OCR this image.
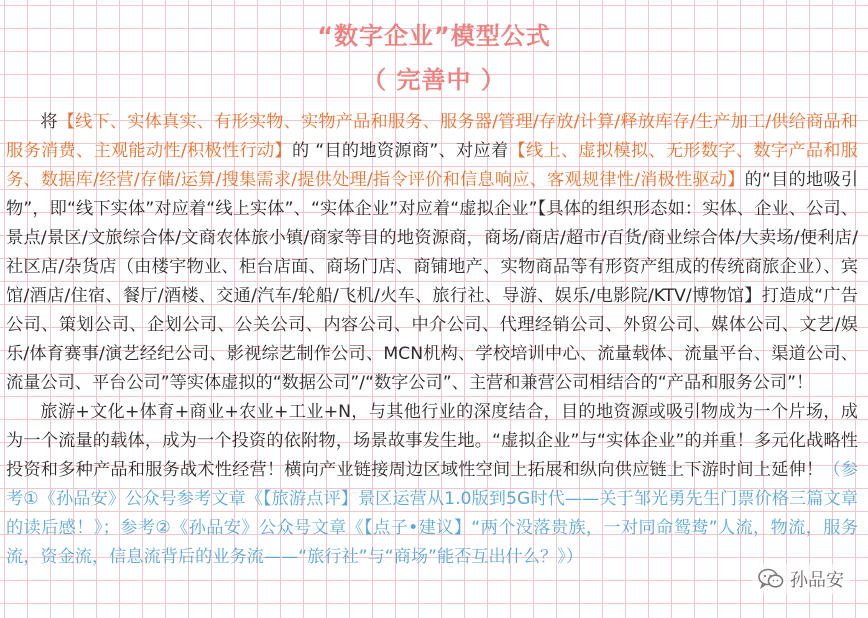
“数字企业”模型公式
（ 完善中 ）

将【线下、实体真实、有形实物、实物产品和服务、服务器/管理/存放/计算/释放库存/生产加工/供给商品和服务消费、主观能动性/积极性行动】的 “目的地资源商”、对应着【线上、虚拟模拟、无形数字、数字产品和服务、数据库/经营/存储/运算/搜集需求/提供处理/指令评价和信息响应、客观规律性/消极性驱动】的“目的地吸引物”，即“线下实体”对应着“线上实体”、“实体企业”对应着“虚拟企业”【具体的组织形态如：实体、企业、公司、景点/景区/文旅综合体/文商农体旅小镇/商家等目的地资源商，商场/商店/超市/百货/商业综合体/大卖场/便利店/社区店/杂货店（由楼宇物业、柜台店面、商场门店、商铺地产、实物商品等有形资产组成的传统商旅企业）、宾馆/酒店/住宿、餐厅/酒楼、交通/汽车/轮船/飞机/火车、旅行社、导游、娱乐/电影院/KTV/博物馆】打造成“广告公司、策划公司、企划公司、公关公司、内容公司、中介公司、代理经销公司、外贸公司、媒体公司、文艺/娱乐/体育赛事/演艺经纪公司、影视综艺制作公司、MCN机构、学校培训中心、流量载体、流量平台、渠道公司、流量公司、平台公司”等实体虚拟的“数据公司”/“数字公司”、主营和兼营公司相结合的“产品和服务公司”！

旅游+文化+体育+商业+农业+工业+N，与其他行业的深度结合，目的地资源或吸引物成为一个片场，成为一个流量的载体，成为一个投资的依附物，场景故事发生地。“虚拟企业”与“实体企业”的并重！多元化战略性投资和多种产品和服务战术性经营！横向产业链接周边区域性空间上拓展和纵向供应链上下游时间上延伸！（参考①《孙品安》公众号参考文章《【旅游点评】景区运营从1.0版到5G时代——关于邹光勇先生门票价格三篇文章的读后感！》；参考②《孙品安》公众号文章《【点子•建议】“两个没落贵族，一对同命鸳鸯”人流，物流，服务流，资金流，信息流背后的业务流——“旅行社”与“商场”能否互出什么？》）

孙品安
